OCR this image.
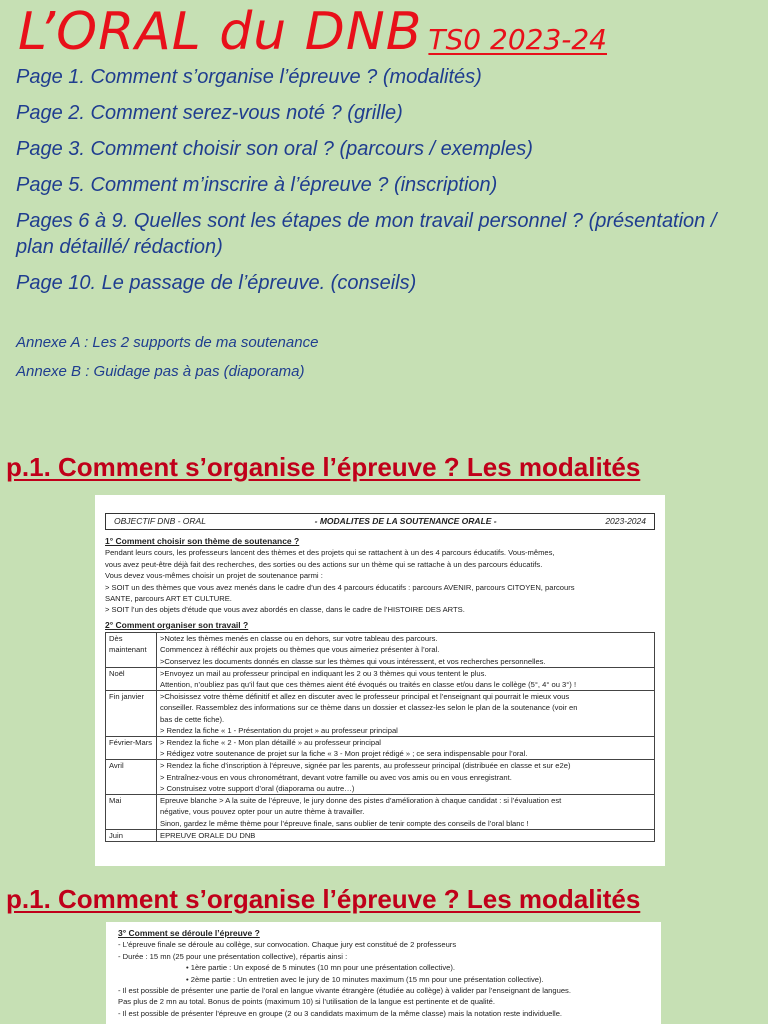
L’ORAL du DNB TS0 2023-24
Page 1. Comment s’organise l’épreuve ? (modalités)
Page 2. Comment serez-vous noté ? (grille)
Page 3. Comment choisir son oral ? (parcours / exemples)
Page 5. Comment m’inscrire à l’épreuve ? (inscription)
Pages 6 à 9. Quelles sont les étapes de mon travail personnel ? (présentation / plan détaillé/ rédaction)
Page 10. Le passage de l’épreuve. (conseils)
Annexe A : Les 2 supports de ma soutenance
Annexe B : Guidage pas à pas (diaporama)
p.1. Comment s’organise l’épreuve ? Les modalités
OBJECTIF DNB - ORAL	- MODALITES DE LA SOUTENANCE ORALE -	2023-2024
1° Comment choisir son thème de soutenance ?
Pendant leurs cours, les professeurs lancent des thèmes et des projets qui se rattachent à un des 4 parcours éducatifs. Vous-mêmes,
vous avez peut-être déjà fait des recherches, des sorties ou des actions sur un thème qui se rattache à un des parcours éducatifs.
Vous devez vous-mêmes choisir un projet de soutenance parmi :
> SOIT un des thèmes que vous avez menés dans le cadre d’un des 4 parcours éducatifs : parcours AVENIR, parcours CITOYEN, parcours
SANTE, parcours ART ET CULTURE.
> SOIT l’un des objets d’étude que vous avez abordés en classe, dans le cadre de l’HISTOIRE DES ARTS.
2° Comment organiser son travail ?
Dès maintenant	>Notez les thèmes menés en classe ou en dehors, sur votre tableau des parcours.
Commencez à réfléchir aux projets ou thèmes que vous aimeriez présenter à l’oral.
>Conservez les documents donnés en classe sur les thèmes qui vous intéressent, et vos recherches personnelles.

Noël	>Envoyez un mail au professeur principal en indiquant les 2 ou 3 thèmes qui vous tentent le plus.
Attention, n’oubliez pas qu’il faut que ces thèmes aient été évoqués ou traités en classe et/ou dans le collège (5°, 4° ou 3°) !

Fin janvier	>Choisissez votre thème définitif et allez en discuter avec le professeur principal et l’enseignant qui pourrait le mieux vous
conseiller. Rassemblez des informations sur ce thème dans un dossier et classez-les selon le plan de la soutenance (voir en
bas de cette fiche).
> Rendez la fiche « 1 - Présentation du projet » au professeur principal

Février-Mars	> Rendez la fiche « 2 - Mon plan détaillé » au professeur principal
> Rédigez votre soutenance de projet sur la fiche « 3 - Mon projet rédigé » ; ce sera indispensable pour l’oral.

Avril	> Rendez la fiche d’inscription à l’épreuve, signée par les parents, au professeur principal (distribuée en classe et sur e2e)
> Entraînez-vous en vous chronométrant, devant votre famille ou avec vos amis ou en vous enregistrant.
> Construisez votre support d’oral (diaporama ou autre…)

Mai	Epreuve blanche > A la suite de l’épreuve, le jury donne des pistes d’amélioration à chaque candidat : si l’évaluation est
négative, vous pouvez opter pour un autre thème à travailler.
Sinon, gardez le même thème pour l’épreuve finale, sans oublier de tenir compte des conseils de l’oral blanc !

Juin	EPREUVE ORALE DU DNB
p.1. Comment s’organise l’épreuve ? Les modalités
3° Comment se déroule l’épreuve ?
- L’épreuve finale se déroule au collège, sur convocation. Chaque jury est constitué de 2 professeurs
- Durée : 15 mn (25 pour une présentation collective), répartis ainsi :
• 1ère partie : Un exposé de 5 minutes (10 mn pour une présentation collective).
• 2ème partie : Un entretien avec le jury de 10 minutes maximum (15 mn pour une présentation collective).
- Il est possible de présenter une partie de l’oral en langue vivante étrangère (étudiée au collège) à valider par l’enseignant de langues.
Pas plus de 2 mn au total. Bonus de points (maximum 10) si l’utilisation de la langue est pertinente et de qualité.
- Il est possible de présenter l’épreuve en groupe (2 ou 3 candidats maximum de la même classe) mais la notation reste individuelle.
